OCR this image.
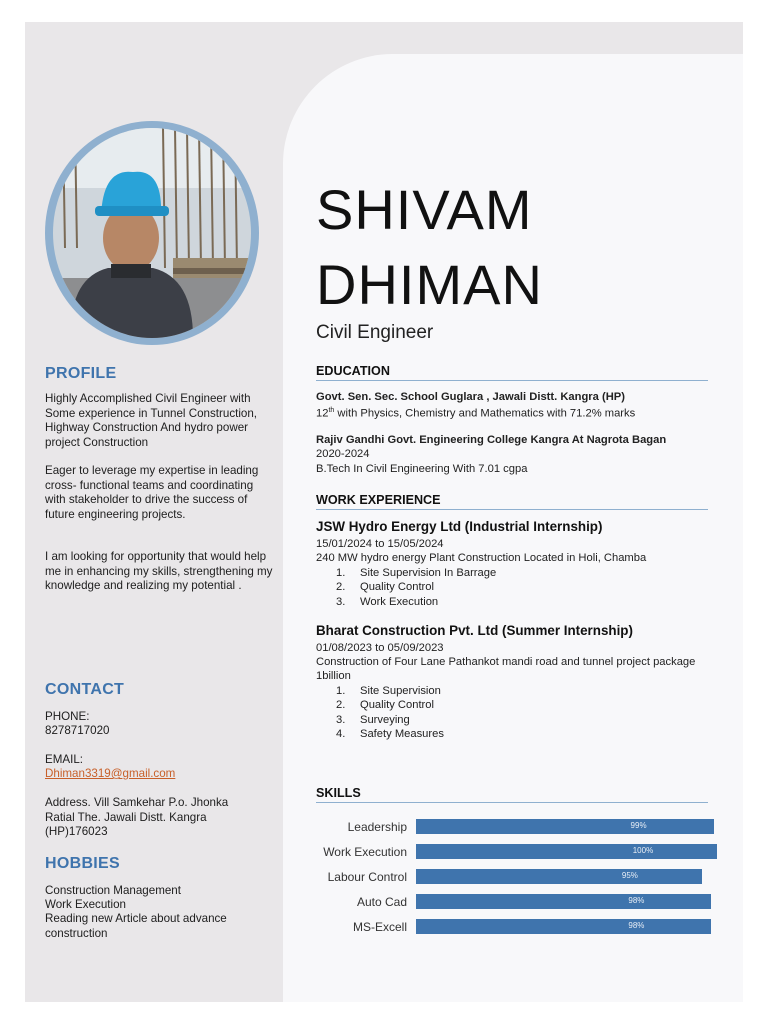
PROFILE
Highly Accomplished Civil Engineer with Some experience in Tunnel Construction, Highway Construction And hydro power project Construction
Eager to leverage my expertise in leading cross- functional teams and coordinating with stakeholder to drive the success of future engineering projects.
I am looking for opportunity that would help me in enhancing my skills, strengthening my knowledge and realizing my potential .
CONTACT
PHONE:
8278717020
EMAIL:
Dhiman3319@gmail.com
Address. Vill Samkehar P.o. Jhonka Ratial The. Jawali Distt. Kangra (HP)176023
HOBBIES
Construction Management
Work Execution
Reading new Article about advance construction
SHIVAM
DHIMAN
Civil Engineer
EDUCATION
Govt. Sen. Sec. School Guglara , Jawali Distt. Kangra (HP)
12th with Physics, Chemistry and Mathematics with 71.2% marks
Rajiv Gandhi Govt. Engineering College Kangra At Nagrota Bagan
2020-2024
B.Tech In Civil Engineering With 7.01 cgpa
WORK EXPERIENCE
JSW Hydro Energy Ltd (Industrial Internship)
15/01/2024 to 15/05/2024
240 MW hydro energy Plant Construction Located in Holi, Chamba
1. Site Supervision In Barrage
2. Quality Control
3. Work Execution
Bharat Construction Pvt. Ltd (Summer Internship)
01/08/2023 to 05/09/2023
Construction of Four Lane Pathankot mandi road and tunnel project package 1billion
1. Site Supervision
2. Quality Control
3. Surveying
4. Safety Measures
SKILLS
Leadership	99%
Work Execution	100%
Labour Control	95%
Auto Cad	98%
MS-Excell	98%
